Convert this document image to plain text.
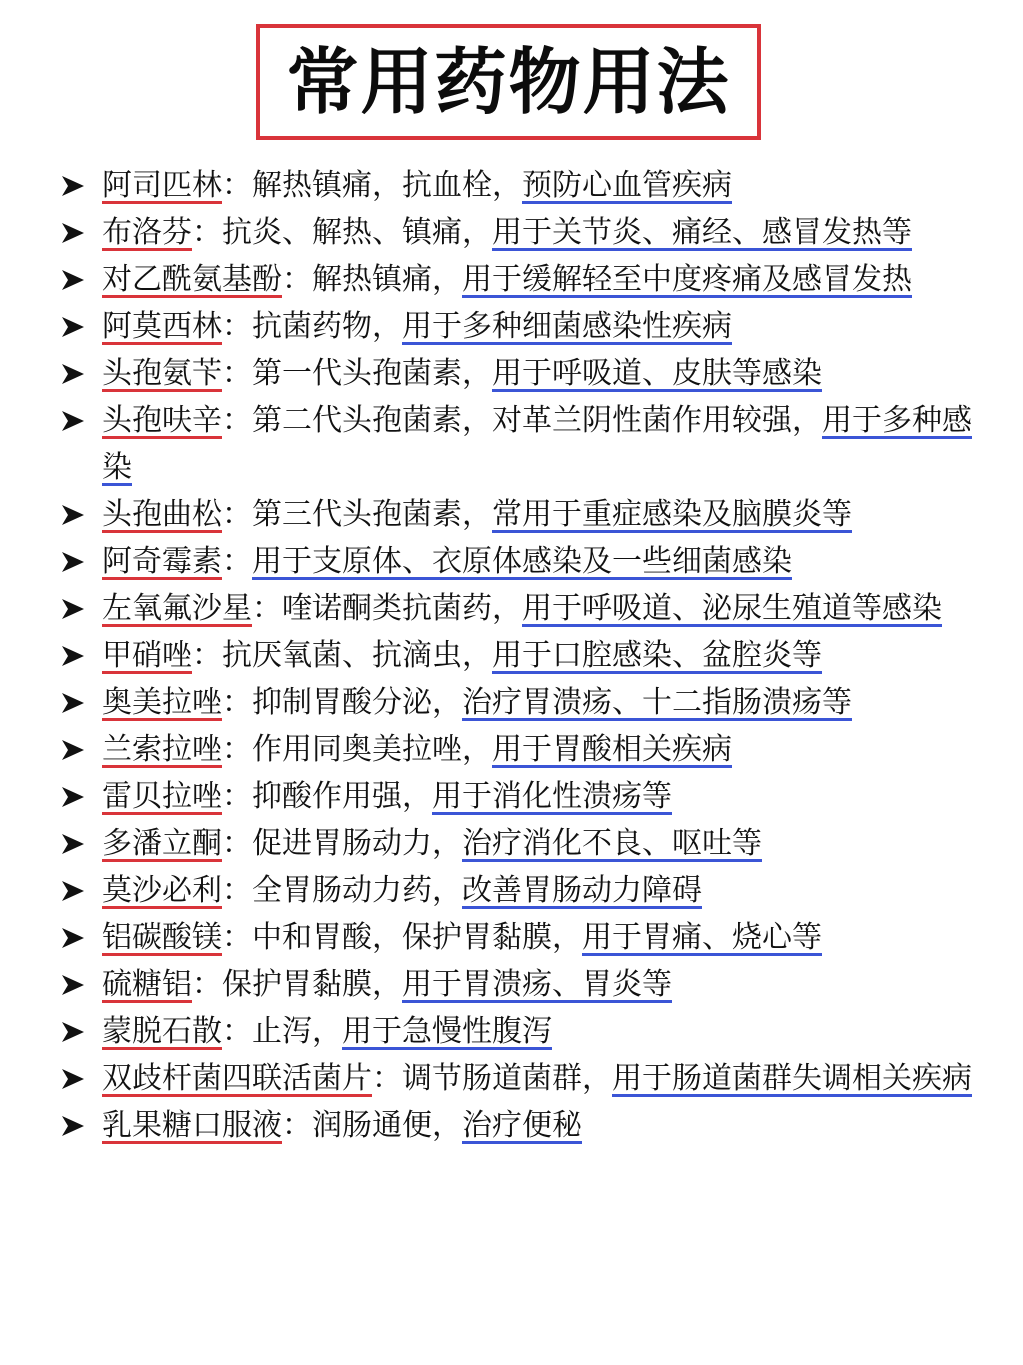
常用药物用法
阿司匹林：解热镇痛，抗血栓，预防心血管疾病
布洛芬：抗炎、解热、镇痛，用于关节炎、痛经、感冒发热等
对乙酰氨基酚：解热镇痛，用于缓解轻至中度疼痛及感冒发热
阿莫西林：抗菌药物，用于多种细菌感染性疾病
头孢氨苄：第一代头孢菌素，用于呼吸道、皮肤等感染
头孢呋辛：第二代头孢菌素，对革兰阴性菌作用较强，用于多种感染
头孢曲松：第三代头孢菌素，常用于重症感染及脑膜炎等
阿奇霉素：用于支原体、衣原体感染及一些细菌感染
左氧氟沙星：喹诺酮类抗菌药，用于呼吸道、泌尿生殖道等感染
甲硝唑：抗厌氧菌、抗滴虫，用于口腔感染、盆腔炎等
奥美拉唑：抑制胃酸分泌，治疗胃溃疡、十二指肠溃疡等
兰索拉唑：作用同奥美拉唑，用于胃酸相关疾病
雷贝拉唑：抑酸作用强，用于消化性溃疡等
多潘立酮：促进胃肠动力，治疗消化不良、呕吐等
莫沙必利：全胃肠动力药，改善胃肠动力障碍
铝碳酸镁：中和胃酸，保护胃黏膜，用于胃痛、烧心等
硫糖铝：保护胃黏膜，用于胃溃疡、胃炎等
蒙脱石散：止泻，用于急慢性腹泻
双歧杆菌四联活菌片：调节肠道菌群，用于肠道菌群失调相关疾病
乳果糖口服液：润肠通便，治疗便秘
